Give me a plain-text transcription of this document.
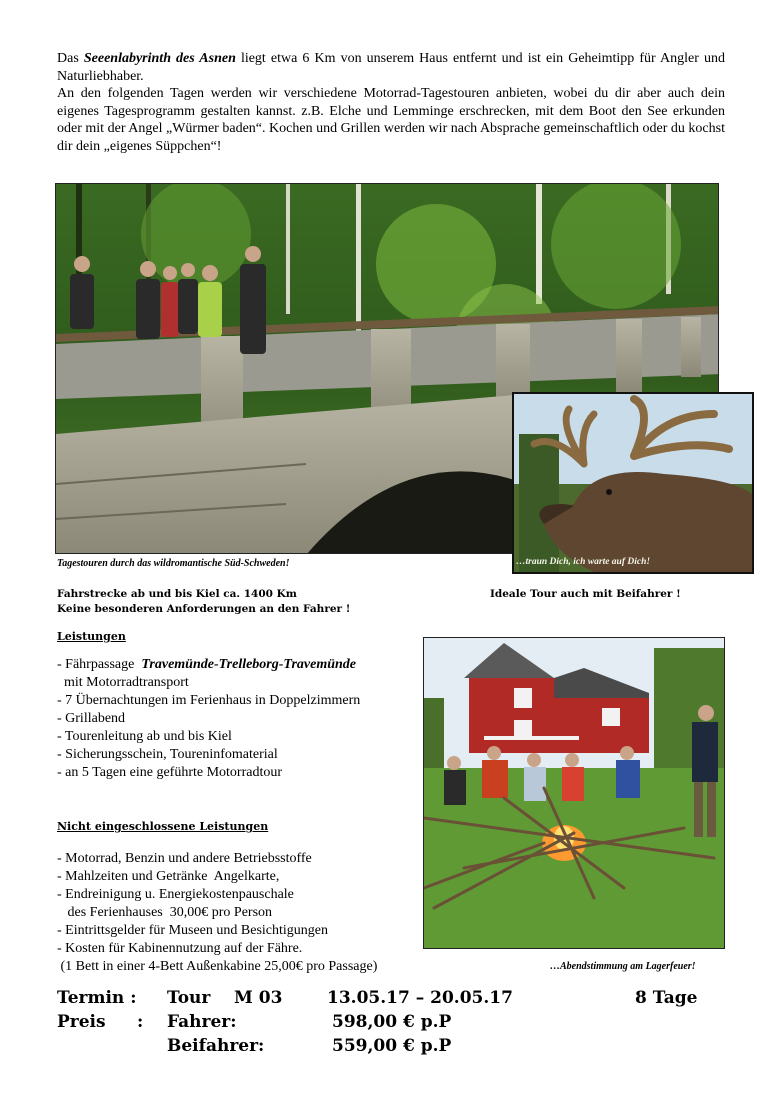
Das Seeenlabyrinth des Asnen liegt etwa 6 Km von unserem Haus entfernt und ist ein Geheimtipp für Angler und Naturliebhaber.

An den folgenden Tagen werden wir verschiedene Motorrad-Tagestouren anbieten, wobei du dir aber auch dein eigenes Tagesprogramm gestalten kannst. z.B. Elche und Lemminge erschrecken, mit dem Boot den See erkunden oder mit der Angel „Würmer baden“. Kochen und Grillen werden wir nach Absprache gemeinschaftlich oder du kochst dir dein „eigenes Süppchen“!

Tagestouren durch das wildromantische Süd-Schweden!	…traun Dich, ich warte auf Dich!
Fahrstrecke ab und bis Kiel ca. 1400 Km
Keine besonderen Anforderungen an den Fahrer !
Ideale Tour auch mit Beifahrer !
Leistungen
- Fährpassage  Travemünde-Trelleborg-Travemünde
mit Motorradtransport
- 7 Übernachtungen im Ferienhaus in Doppelzimmern
- Grillabend
- Tourenleitung ab und bis Kiel
- Sicherungsschein, Toureninfomaterial
- an 5 Tagen eine geführte Motorradtour
…Abendstimmung am Lagerfeuer!
Nicht eingeschlossene Leistungen
- Motorrad, Benzin und andere Betriebsstoffe
- Mahlzeiten und Getränke  Angelkarte,
- Endreinigung u. Energiekostenpauschale
des Ferienhauses  30,00€ pro Person
- Eintrittsgelder für Museen und Besichtigungen
- Kosten für Kabinennutzung auf der Fähre.
(1 Bett in einer 4-Bett Außenkabine 25,00€ pro Passage)
Termin : Tour M 03	13.05.17 – 20.05.17	8 Tage
Preis : Fahrer:	598,00 € p.P
Beifahrer:	559,00 € p.P
